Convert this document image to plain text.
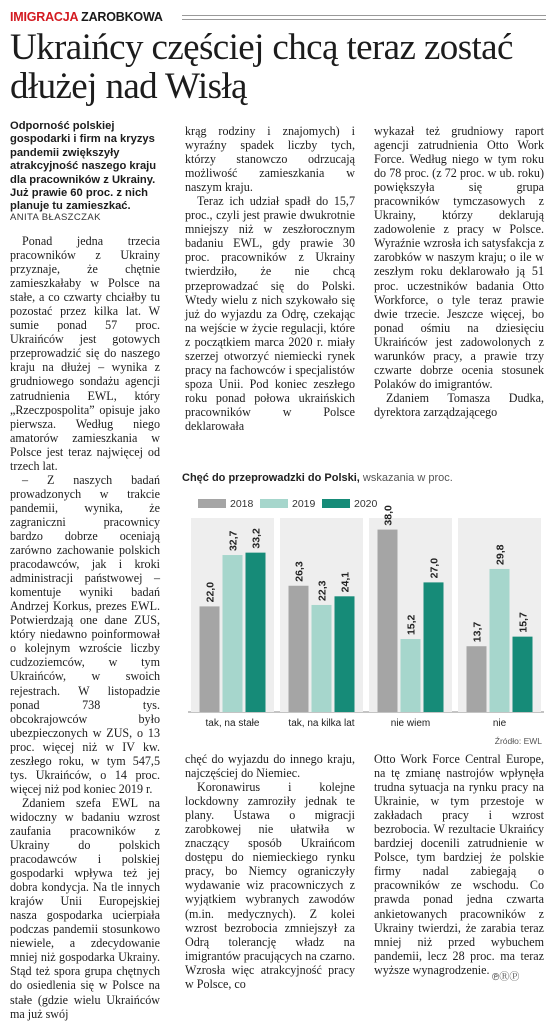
IMIGRACJA ZAROBKOWA
Ukraińcy częściej chcą teraz zostać dłużej nad Wisłą
Odporność polskiej gospodarki i firm na kryzys pandemii zwiększyły atrakcyjność naszego kraju dla pracowników z Ukrainy. Już prawie 60 proc. z nich planuje tu zamieszkać.
ANITA BŁASZCZAK

Ponad jedna trzecia pracowników z Ukrainy przyznaje, że chętnie zamieszkałaby w Polsce na stałe, a co czwarty chciałby tu pozostać przez kilka lat. W sumie ponad 57 proc. Ukraińców jest gotowych przeprowadzić się do naszego kraju na dłużej – wynika z grudniowego sondażu agencji zatrudnienia EWL, który „Rzeczpospolita” opisuje jako pierwsza. Według niego amatorów zamieszkania w Polsce jest teraz najwięcej od trzech lat.

– Z naszych badań prowadzonych w trakcie pandemii, wynika, że zagraniczni pracownicy bardzo dobrze oceniają zarówno zachowanie polskich pracodawców, jak i kroki administracji państwowej – komentuje wyniki badań Andrzej Korkus, prezes EWL. Potwierdzają one dane ZUS, który niedawno poinformował o kolejnym wzroście liczby cudzoziemców, w tym Ukraińców, w swoich rejestrach. W listopadzie ponad 738 tys. obcokrajowców było ubezpieczonych w ZUS, o 13 proc. więcej niż w IV kw. zeszłego roku, w tym 547,5 tys. Ukraińców, o 14 proc. więcej niż pod koniec 2019 r.

Zdaniem szefa EWL na widoczny w badaniu wzrost zaufania pracowników z Ukrainy do polskich pracodawców i polskiej gospodarki wpływa też jej dobra kondycja. Na tle innych krajów Unii Europejskiej nasza gospodarka ucierpiała podczas pandemii stosunkowo niewiele, a zdecydowanie mniej niż gospodarka Ukrainy. Stąd też spora grupa chętnych do osiedlenia się w Polsce na stałe (gdzie wielu Ukraińców ma już swój

krąg rodziny i znajomych) i wyraźny spadek liczby tych, którzy stanowczo odrzucają możliwość zamieszkania w naszym kraju.

Teraz ich udział spadł do 15,7 proc., czyli jest prawie dwukrotnie mniejszy niż w zeszłorocznym badaniu EWL, gdy prawie 30 proc. pracowników z Ukrainy twierdziło, że nie chcą przeprowadzać się do Polski. Wtedy wielu z nich szykowało się już do wyjazdu za Odrę, czekając na wejście w życie regulacji, które z początkiem marca 2020 r. miały szerzej otworzyć niemiecki rynek pracy na fachowców i specjalistów spoza Unii. Pod koniec zeszłego roku ponad połowa ukraińskich pracowników w Polsce deklarowała

wykazał też grudniowy raport agencji zatrudnienia Otto Work Force. Według niego w tym roku do 78 proc. (z 72 proc. w ub. roku) powiększyła się grupa pracowników tymczasowych z Ukrainy, którzy deklarują zadowolenie z pracy w Polsce. Wyraźnie wzrosła ich satysfakcja z zarobków w naszym kraju; o ile w zeszłym roku deklarowało ją 51 proc. uczestników badania Otto Workforce, o tyle teraz prawie dwie trzecie. Jeszcze więcej, bo ponad ośmiu na dziesięciu Ukraińców jest zadowolonych z warunków pracy, a prawie trzy czwarte dobrze ocenia stosunek Polaków do imigrantów.

Zdaniem Tomasza Dudka, dyrektora zarządzającego

chęć do wyjazdu do innego kraju, najczęściej do Niemiec.

Koronawirus i kolejne lockdowny zamroziły jednak te plany. Ustawa o migracji zarobkowej nie ułatwiła w znaczący sposób Ukraińcom dostępu do niemieckiego rynku pracy, bo Niemcy ograniczyły wydawanie wiz pracowniczych z wyjątkiem wybranych zawodów (m.in. medycznych). Z kolei wzrost bezrobocia zmniejszył za Odrą tolerancję władz na imigrantów pracujących na czarno. Wzrosła więc atrakcyjność pracy w Polsce, co

Otto Work Force Central Europe, na tę zmianę nastrojów wpłynęła trudna sytuacja na rynku pracy na Ukrainie, w tym przestoje w zakładach pracy i wzrost bezrobocia. W rezultacie Ukraińcy bardziej docenili zatrudnienie w Polsce, tym bardziej że polskie firmy nadal zabiegają o pracowników ze wschodu. Co prawda ponad jedna czwarta ankietowanych pracowników z Ukrainy twierdzi, że zarabia teraz mniej niż przed wybuchem pandemii, lecz 28 proc. ma teraz wyższe wynagrodzenie.

Chęć do przeprowadzki do Polski, wskazania w proc.
2018	2019	2020
22,0
32,7 33,2
tak, na stałe
26,3
22,3 24,1
tak, na kilka lat
38,0
15,2
27,0
nie wiem
13,7
29,8
15,7
nie
Źródło: EWL
℗ⓇⓅ
